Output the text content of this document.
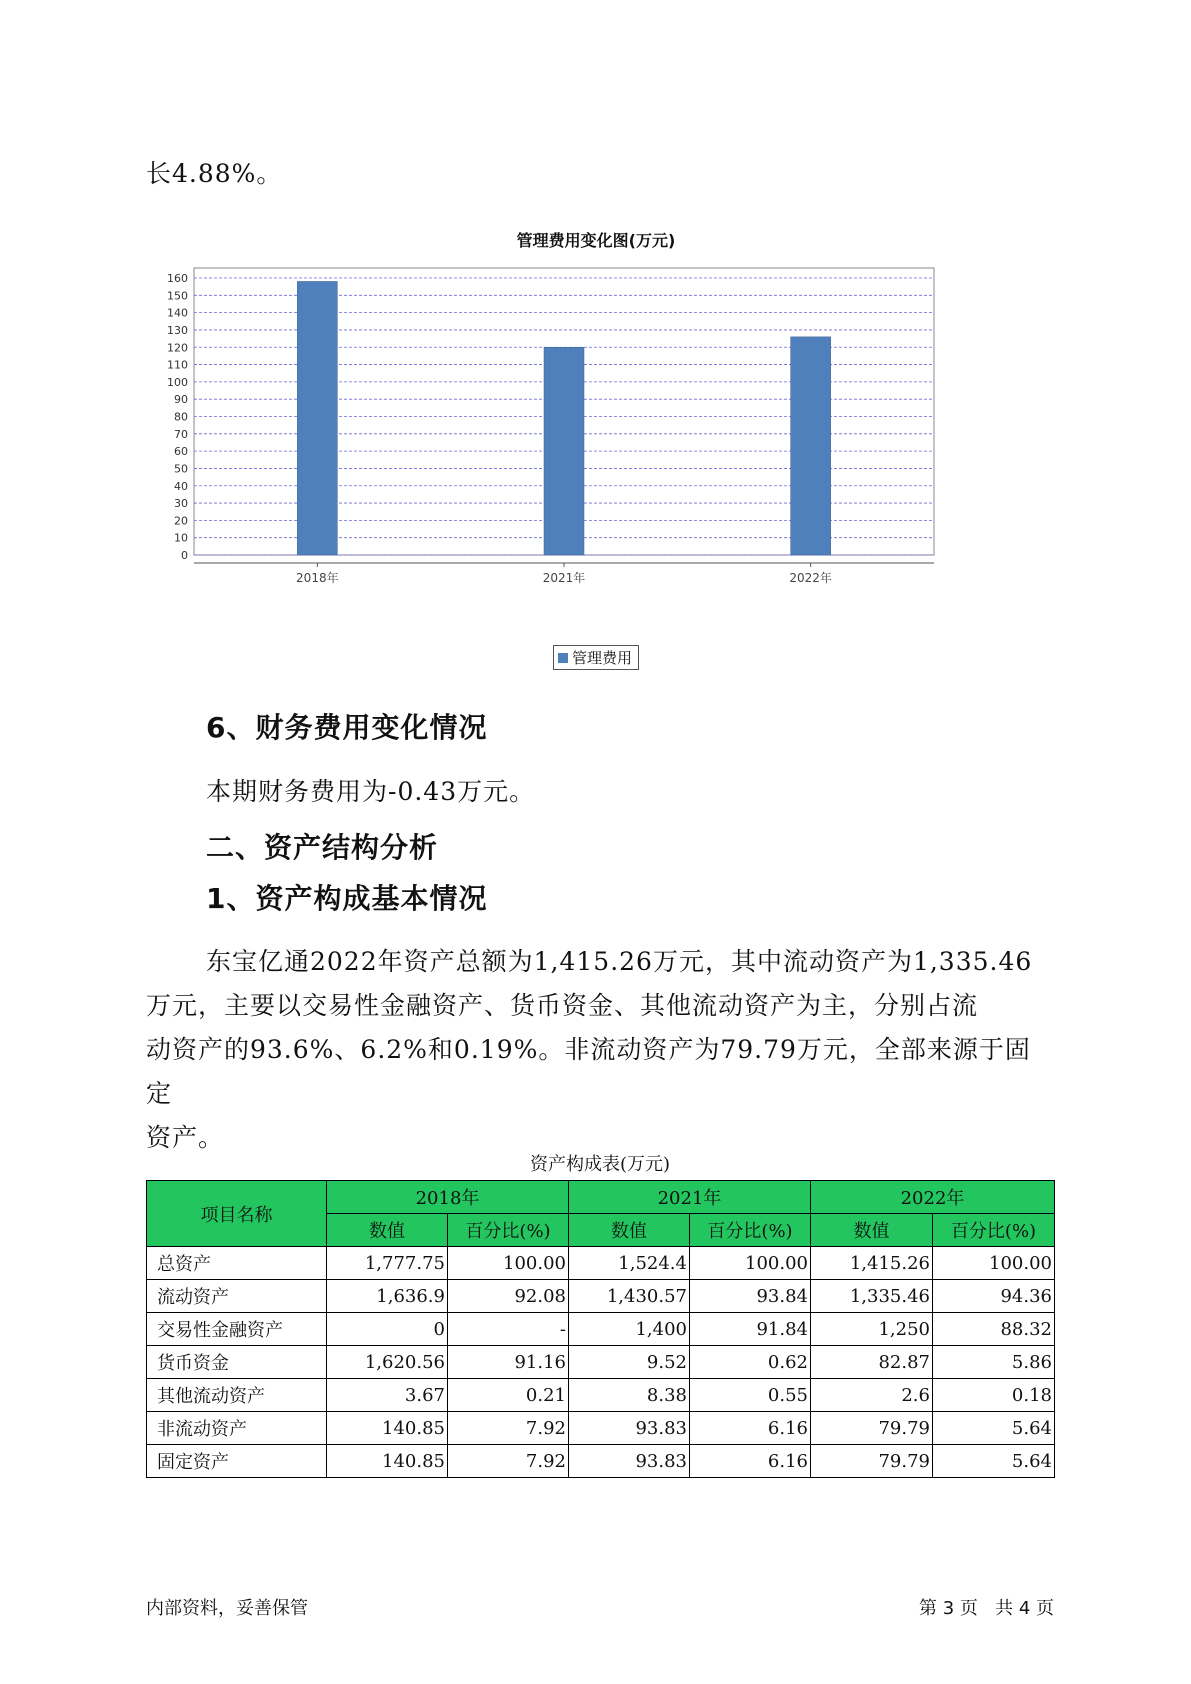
长4.88%。
管理费用变化图(万元)
0
10
20
30
40
50
60
70
80
90
100
110
120
130
140
150
160
2018年	2021年	2022年
管理费用
6、财务费用变化情况
本期财务费用为-0.43万元。
二、资产结构分析
1、资产构成基本情况
东宝亿通2022年资产总额为1,415.26万元，其中流动资产为1,335.46
万元，主要以交易性金融资产、货币资金、其他流动资产为主，分别占流
动资产的93.6%、6.2%和0.19%。非流动资产为79.79万元，全部来源于固定
资产。
资产构成表(万元)
项目名称	2018年		2021年		2022年	
	数值	百分比(%)	数值	百分比(%)	数值	百分比(%)
总资产	1,777.75	100.00	1,524.4	100.00	1,415.26	100.00
流动资产	1,636.9	92.08	1,430.57	93.84	1,335.46	94.36
交易性金融资产	0	-	1,400	91.84	1,250	88.32
货币资金	1,620.56	91.16	9.52	0.62	82.87	5.86
其他流动资产	3.67	0.21	8.38	0.55	2.6	0.18
非流动资产	140.85	7.92	93.83	6.16	79.79	5.64
固定资产	140.85	7.92	93.83	6.16	79.79	5.64
内部资料，妥善保管	第 3 页   共 4 页
